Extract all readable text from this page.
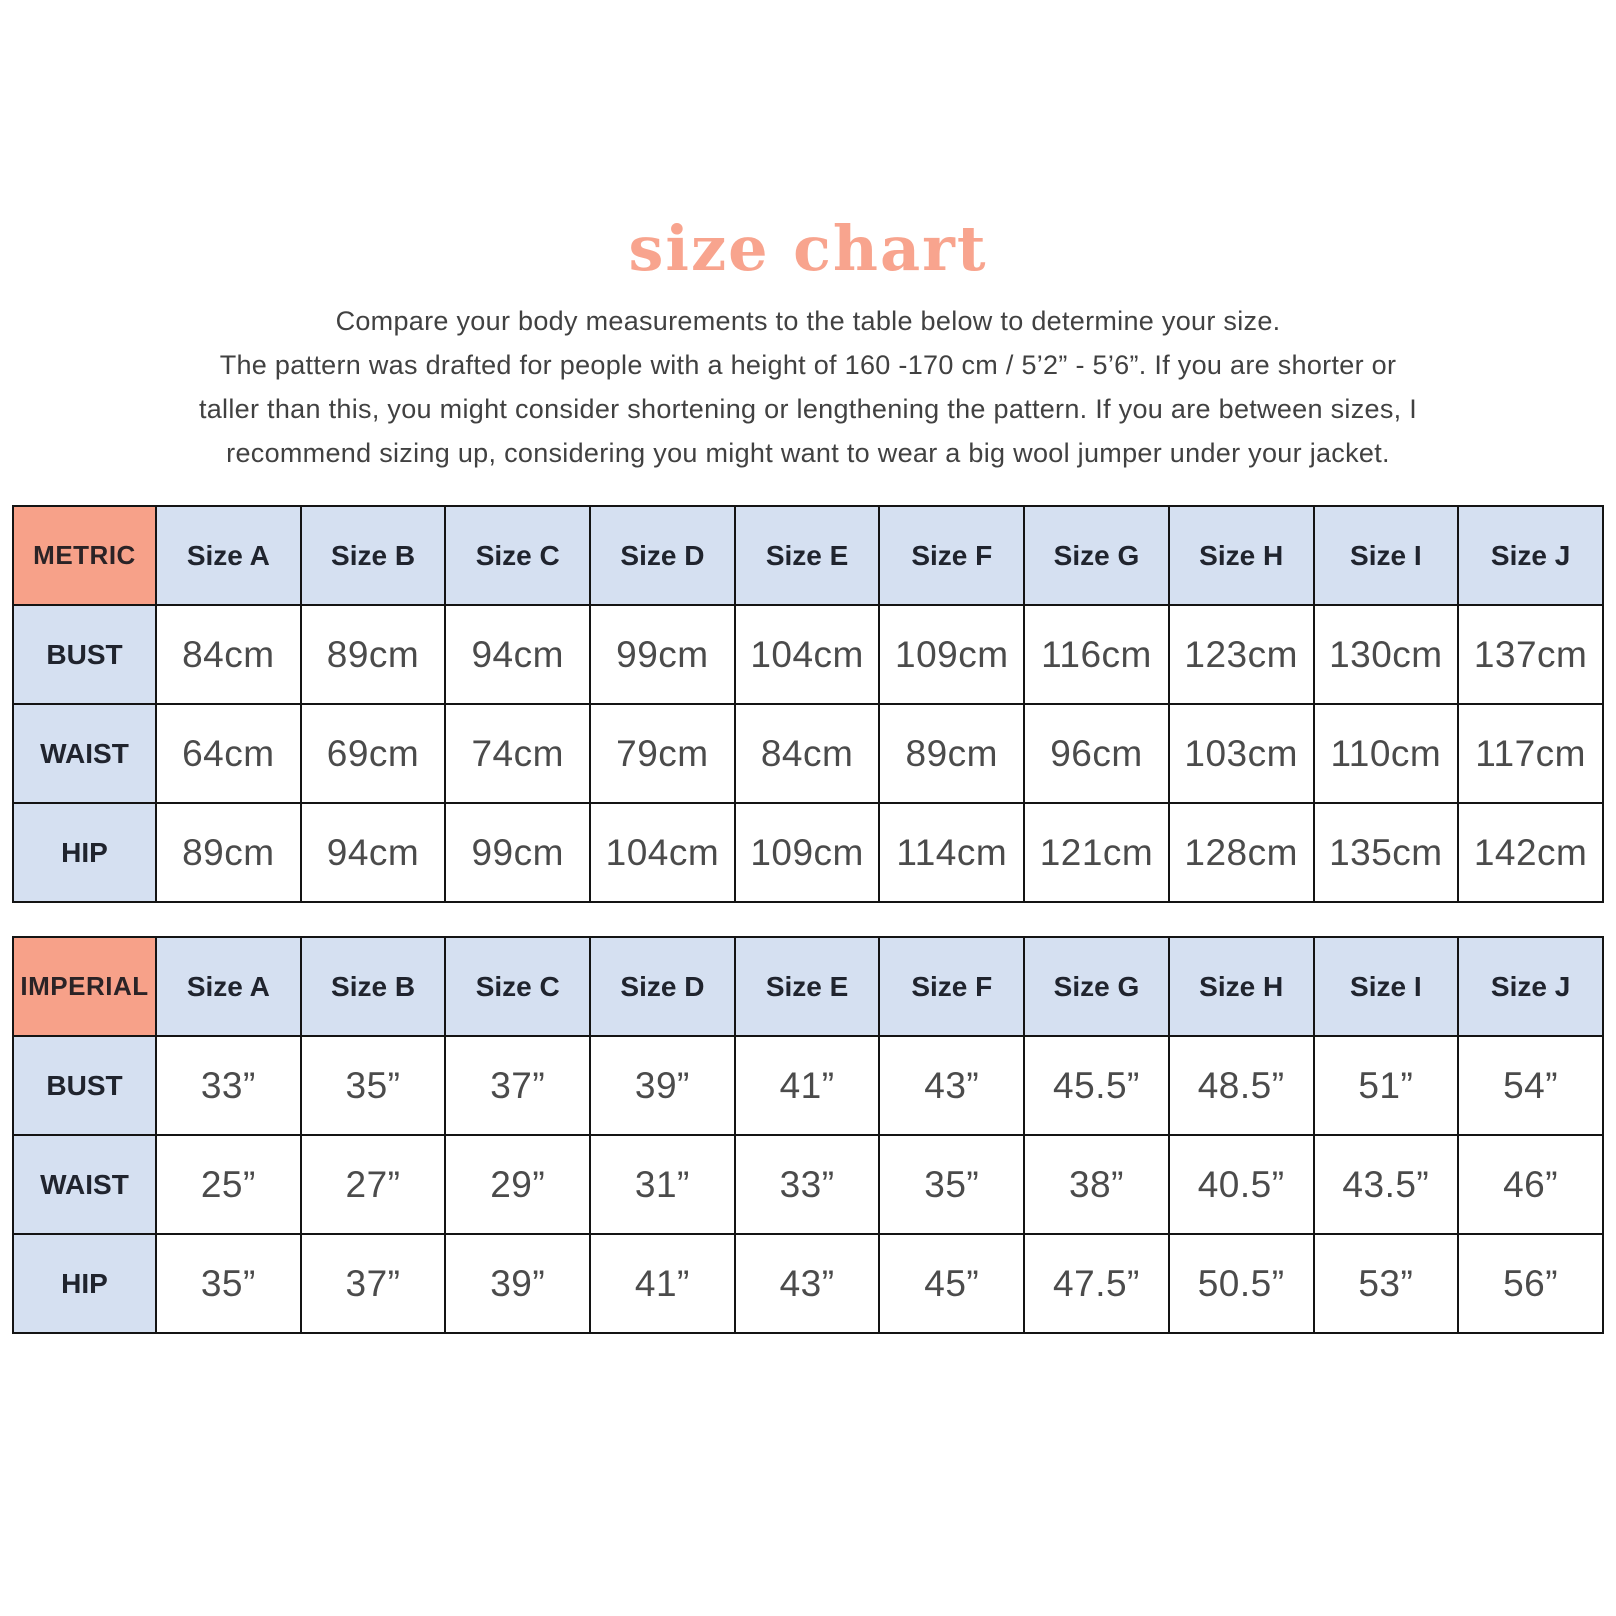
size chart
Compare your body measurements to the table below to determine your size.
The pattern was drafted for people with a height of 160 -170 cm / 5’2” - 5’6”. If you are shorter or
taller than this, you might consider shortening or lengthening the pattern. If you are between sizes, I
recommend sizing up, considering you might want to wear a big wool jumper under your jacket.
METRIC	Size A	Size B	Size C	Size D	Size E	Size F	Size G	Size H	Size I	Size J
BUST	84cm	89cm	94cm	99cm	104cm	109cm	116cm	123cm	130cm	137cm
WAIST	64cm	69cm	74cm	79cm	84cm	89cm	96cm	103cm	110cm	117cm
HIP	89cm	94cm	99cm	104cm	109cm	114cm	121cm	128cm	135cm	142cm
IMPERIAL	Size A	Size B	Size C	Size D	Size E	Size F	Size G	Size H	Size I	Size J
BUST	33”	35”	37”	39”	41”	43”	45.5”	48.5”	51”	54”
WAIST	25”	27”	29”	31”	33”	35”	38”	40.5”	43.5”	46”
HIP	35”	37”	39”	41”	43”	45”	47.5”	50.5”	53”	56”
